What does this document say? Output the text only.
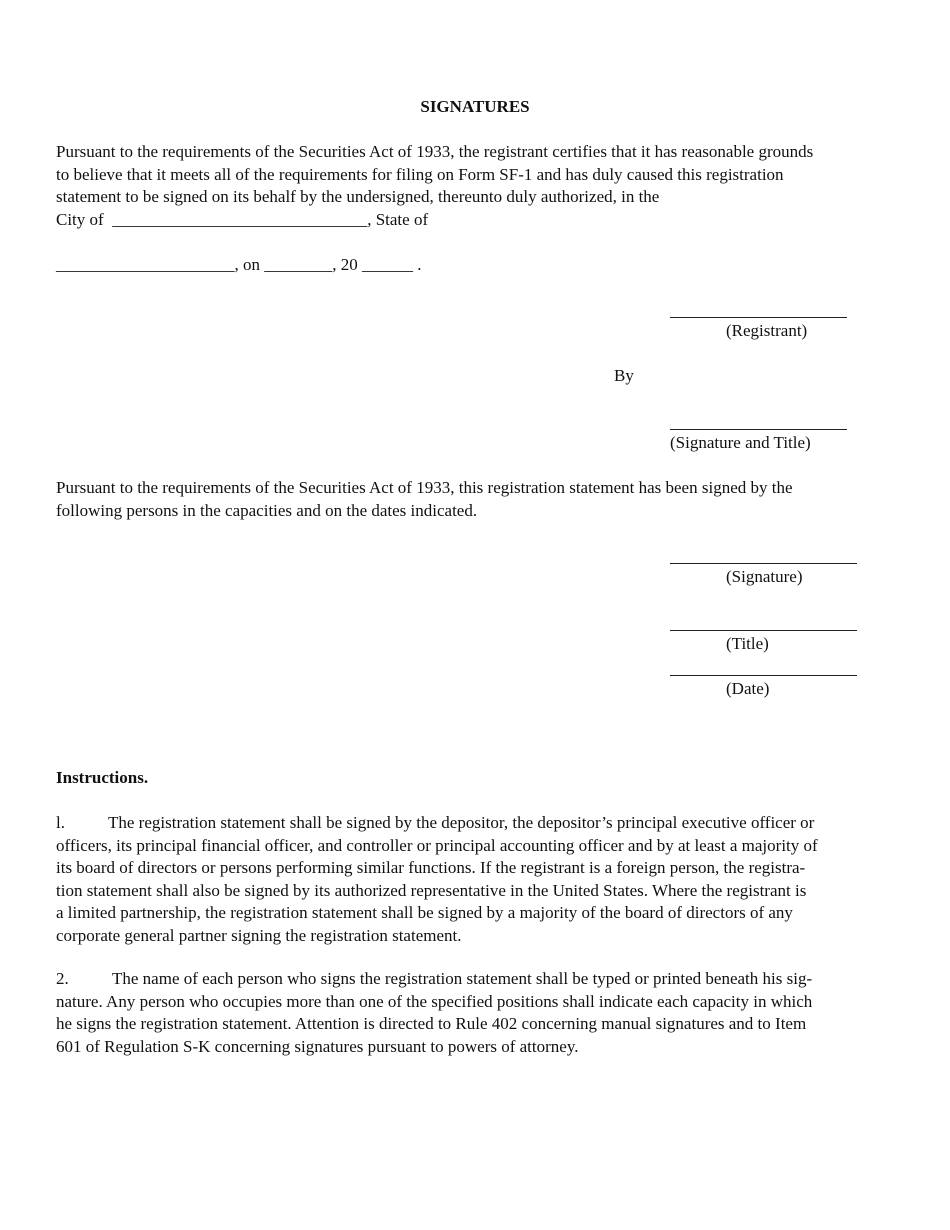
SIGNATURES

Pursuant to the requirements of the Securities Act of 1933, the registrant certifies that it has reasonable grounds

to believe that it meets all of the requirements for filing on Form SF-1 and has duly caused this registration

statement to be signed on its behalf by the undersigned, thereunto duly authorized, in the

City of ______________________________, State of

_____________________, on ________, 20 ______ .
(Registrant)
By
(Signature and Title)

Pursuant to the requirements of the Securities Act of 1933, this registration statement has been signed by the

following persons in the capacities and on the dates indicated.

(Signature)
(Title)
(Date)
Instructions.

l.	The registration statement shall be signed by the depositor, the depositor’s principal executive officer or

officers, its principal financial officer, and controller or principal accounting officer and by at least a majority of

its board of directors or persons performing similar functions. If the registrant is a foreign person, the registra-

tion statement shall also be signed by its authorized representative in the United States. Where the registrant is

a limited partnership, the registration statement shall be signed by a majority of the board of directors of any

corporate general partner signing the registration statement.

2.	The name of each person who signs the registration statement shall be typed or printed beneath his sig-

nature. Any person who occupies more than one of the specified positions shall indicate each capacity in which

he signs the registration statement. Attention is directed to Rule 402 concerning manual signatures and to Item

601 of Regulation S-K concerning signatures pursuant to powers of attorney.
